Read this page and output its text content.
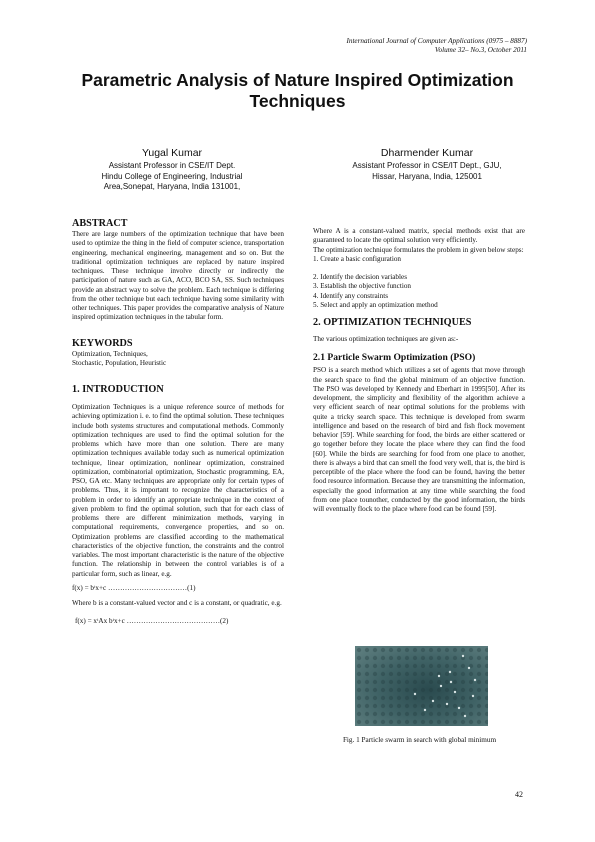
International Journal of Computer Applications (0975 – 8887)
Volume 32– No.3, October 2011
Parametric Analysis of Nature Inspired Optimization Techniques
Yugal Kumar
Assistant Professor in CSE/IT Dept.
Hindu College of Engineering, Industrial
Area,Sonepat, Haryana, India 131001,
Dharmender Kumar
Assistant Professor in CSE/IT Dept., GJU,
Hissar, Haryana, India, 125001
ABSTRACT

There are large numbers of the optimization technique that have been used to optimize the thing in the field of computer science, transportation engineering, mechanical engineering, management and so on. But the traditional optimization techniques are replaced by nature inspired techniques. These technique involve directly or indirectly the participation of nature such as GA, ACO, BCO SA, SS. Such techniques provide an abstract way to solve the problem. Each technique is differing from the other technique but each technique having some similarity with other techniques. This paper provides the comparative analysis of Nature inspired optimization techniques in the tabular form.

KEYWORDS

Optimization, Techniques,

Stochastic, Population, Heuristic

1. INTRODUCTION

Optimization Techniques is a unique reference source of methods for achieving optimization i. e. to find the optimal solution. These techniques include both systems structures and computational methods. Commonly optimization techniques are used to find the optimal solution for the problems which have more than one solution. There are many optimization techniques available today such as numerical optimization technique, linear optimization, nonlinear optimization, constrained optimization, combinatorial optimization, Stochastic programming, EA, PSO, GA etc. Many techniques are appropriate only for certain types of problems. Thus, it is important to recognize the characteristics of a problem in order to identify an appropriate technique in the context of given problem to find the optimal solution, such that for each class of problems there are different minimization methods, varying in computational requirements, convergence properties, and so on. Optimization problems are classified according to the mathematical characteristics of the objective function, the constraints and the control variables. The most important characteristic is the nature of the objective function. The relationship in between the control variables is of a particular form, such as linear, e.g.

f(x) = bᵗx+c ……………………………(1)

Where b is a constant-valued vector and c is a constant, or quadratic, e.g.

f(x) = xᵗAx bᵗx+c …………………………………(2)

Where A is a constant-valued matrix, special methods exist that are guaranteed to locate the optimal solution very efficiently.

The optimization technique formulates the problem in given below steps:

1. Create a basic configuration

2. Identify the decision variables

3. Establish the objective function

4. Identify any constraints

5. Select and apply an optimization method

2. OPTIMIZATION TECHNIQUES

The various optimization techniques are given as:-

2.1 Particle Swarm Optimization (PSO)

PSO is a search method which utilizes a set of agents that move through the search space to find the global minimum of an objective function. The PSO was developed by Kennedy and Eberhart in 1995[50]. After its development, the simplicity and flexibility of the algorithm achieve a very efficient search of near optimal solutions for the problems with quite a tricky search space. This technique is developed from swarm intelligence and based on the research of bird and fish flock movement behavior [59]. While searching for food, the birds are either scattered or go together before they locate the place where they can find the food [60]. While the birds are searching for food from one place to another, there is always a bird that can smell the food very well, that is, the bird is perceptible of the place where the food can be found, having the better food resource information. Because they are transmitting the information, especially the good information at any time while searching the food from one place tounother, conducted by the good information, the birds will eventually flock to the place where food can be found [59].

Fig. 1 Particle swarm in search with global minimum
42
